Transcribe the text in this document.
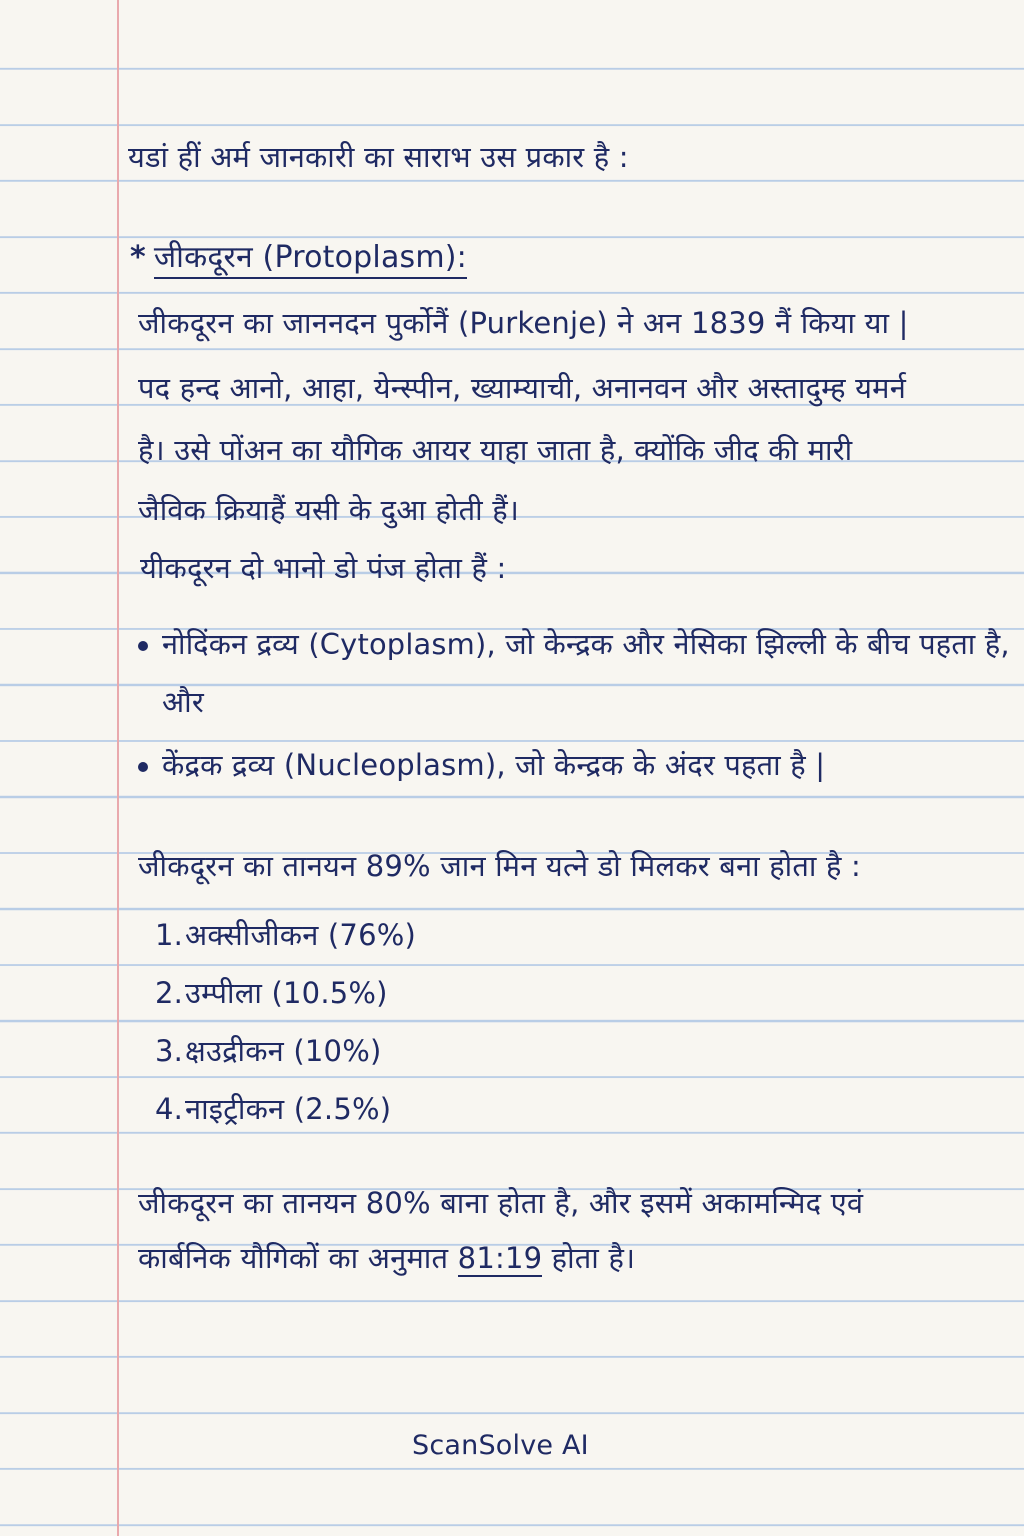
यडां हीं अर्म जानकारी का साराभ उस प्रकार है :
* जीकदूरन (Protoplasm):
जीकदूरन का जाननदन पुर्कोनैं (Purkenje) ने अन 1839 नैं किया या |
पद हन्द आनो, आहा, येन्स्पीन, ख्याम्याची, अनानवन और अस्तादुम्ह यमर्न
है। उसे पोंअन का यौगिक आयर याहा जाता है, क्योंकि जीद की मारी
जैविक क्रियाहैं यसी के दुआ होती हैं।
यीकदूरन दो भानो डो पंज होता हैं :
नोदिंकन द्रव्य (Cytoplasm), जो केन्द्रक और नेसिका झिल्ली के बीच पहता है,
और
केंद्रक द्रव्य (Nucleoplasm), जो केन्द्रक के अंदर पहता है |
जीकदूरन का तानयन 89% जान मिन यत्ने डो मिलकर बना होता है :
1.अक्सीजीकन (76%)
2.उम्पीला (10.5%)
3.क्षउद्रीकन (10%)
4.नाइट्रीकन (2.5%)
जीकदूरन का तानयन 80% बाना होता है, और इसमें अकामन्मिद एवं
कार्बनिक यौगिकों का अनुमात 81:19 होता है।
ScanSolve AI
